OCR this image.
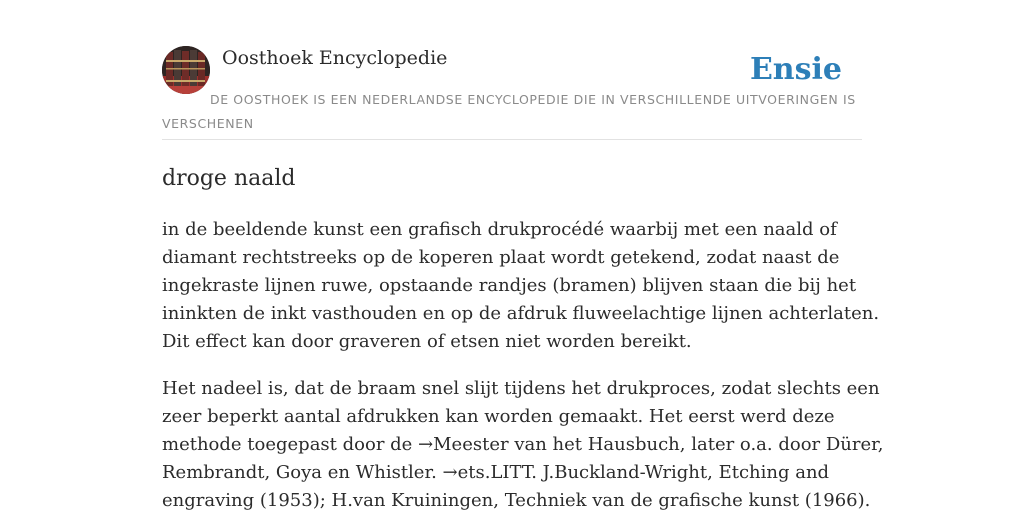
Oosthoek Encyclopedie	Ensie
DE OOSTHOEK IS EEN NEDERLANDSE ENCYCLOPEDIE DIE IN VERSCHILLENDE UITVOERINGEN IS VERSCHENEN
droge naald

in de beeldende kunst een grafisch drukprocédé waarbij met een naald of
diamant rechtstreeks op de koperen plaat wordt getekend, zodat naast de
ingekraste lijnen ruwe, opstaande randjes (bramen) blijven staan die bij het
ininkten de inkt vasthouden en op de afdruk fluweelachtige lijnen achterlaten.
Dit effect kan door graveren of etsen niet worden bereikt.

Het nadeel is, dat de braam snel slijt tijdens het drukproces, zodat slechts een
zeer beperkt aantal afdrukken kan worden gemaakt. Het eerst werd deze
methode toegepast door de →Meester van het Hausbuch, later o.a. door Dürer,
Rembrandt, Goya en Whistler. →ets.LITT. J.Buckland-Wright, Etching and
engraving (1953); H.van Kruiningen, Techniek van de grafische kunst (1966).
